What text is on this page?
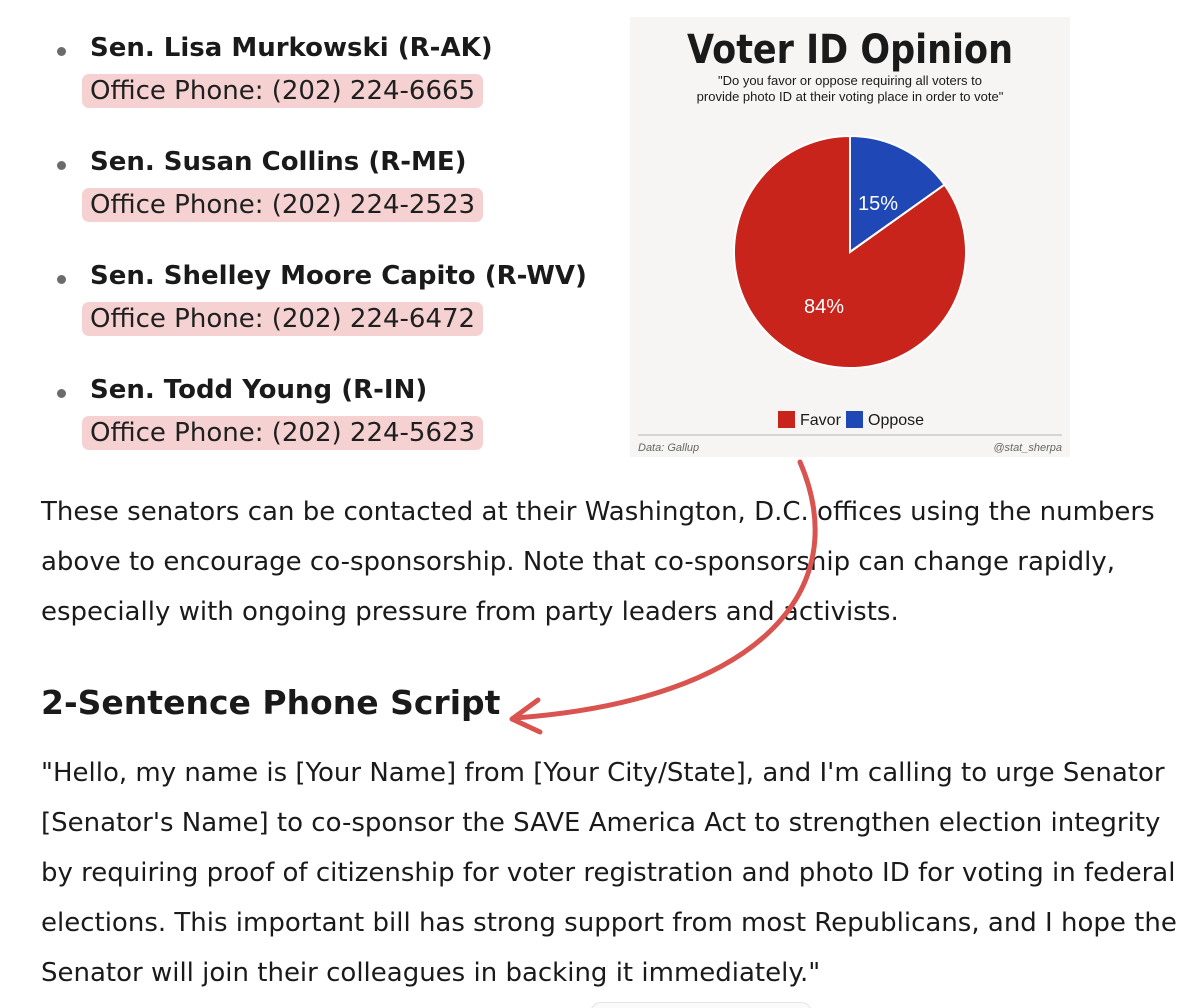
Sen. Lisa Murkowski (R-AK)
Office Phone: (202) 224-6665
Sen. Susan Collins (R-ME)
Office Phone: (202) 224-2523
Sen. Shelley Moore Capito (R-WV)
Office Phone: (202) 224-6472
Sen. Todd Young (R-IN)
Office Phone: (202) 224-5623
Voter ID Opinion
"Do you favor or oppose requiring all voters to
provide photo ID at their voting place in order to vote"
15%
84%
Favor Oppose
Data: Gallup	@stat_sherpa

These senators can be contacted at their Washington, D.C. offices using the numbers
above to encourage co-sponsorship. Note that co-sponsorship can change rapidly,
especially with ongoing pressure from party leaders and activists.

2-Sentence Phone Script

"Hello, my name is [Your Name] from [Your City/State], and I'm calling to urge Senator
[Senator's Name] to co-sponsor the SAVE America Act to strengthen election integrity
by requiring proof of citizenship for voter registration and photo ID for voting in federal
elections. This important bill has strong support from most Republicans, and I hope the
Senator will join their colleagues in backing it immediately."
